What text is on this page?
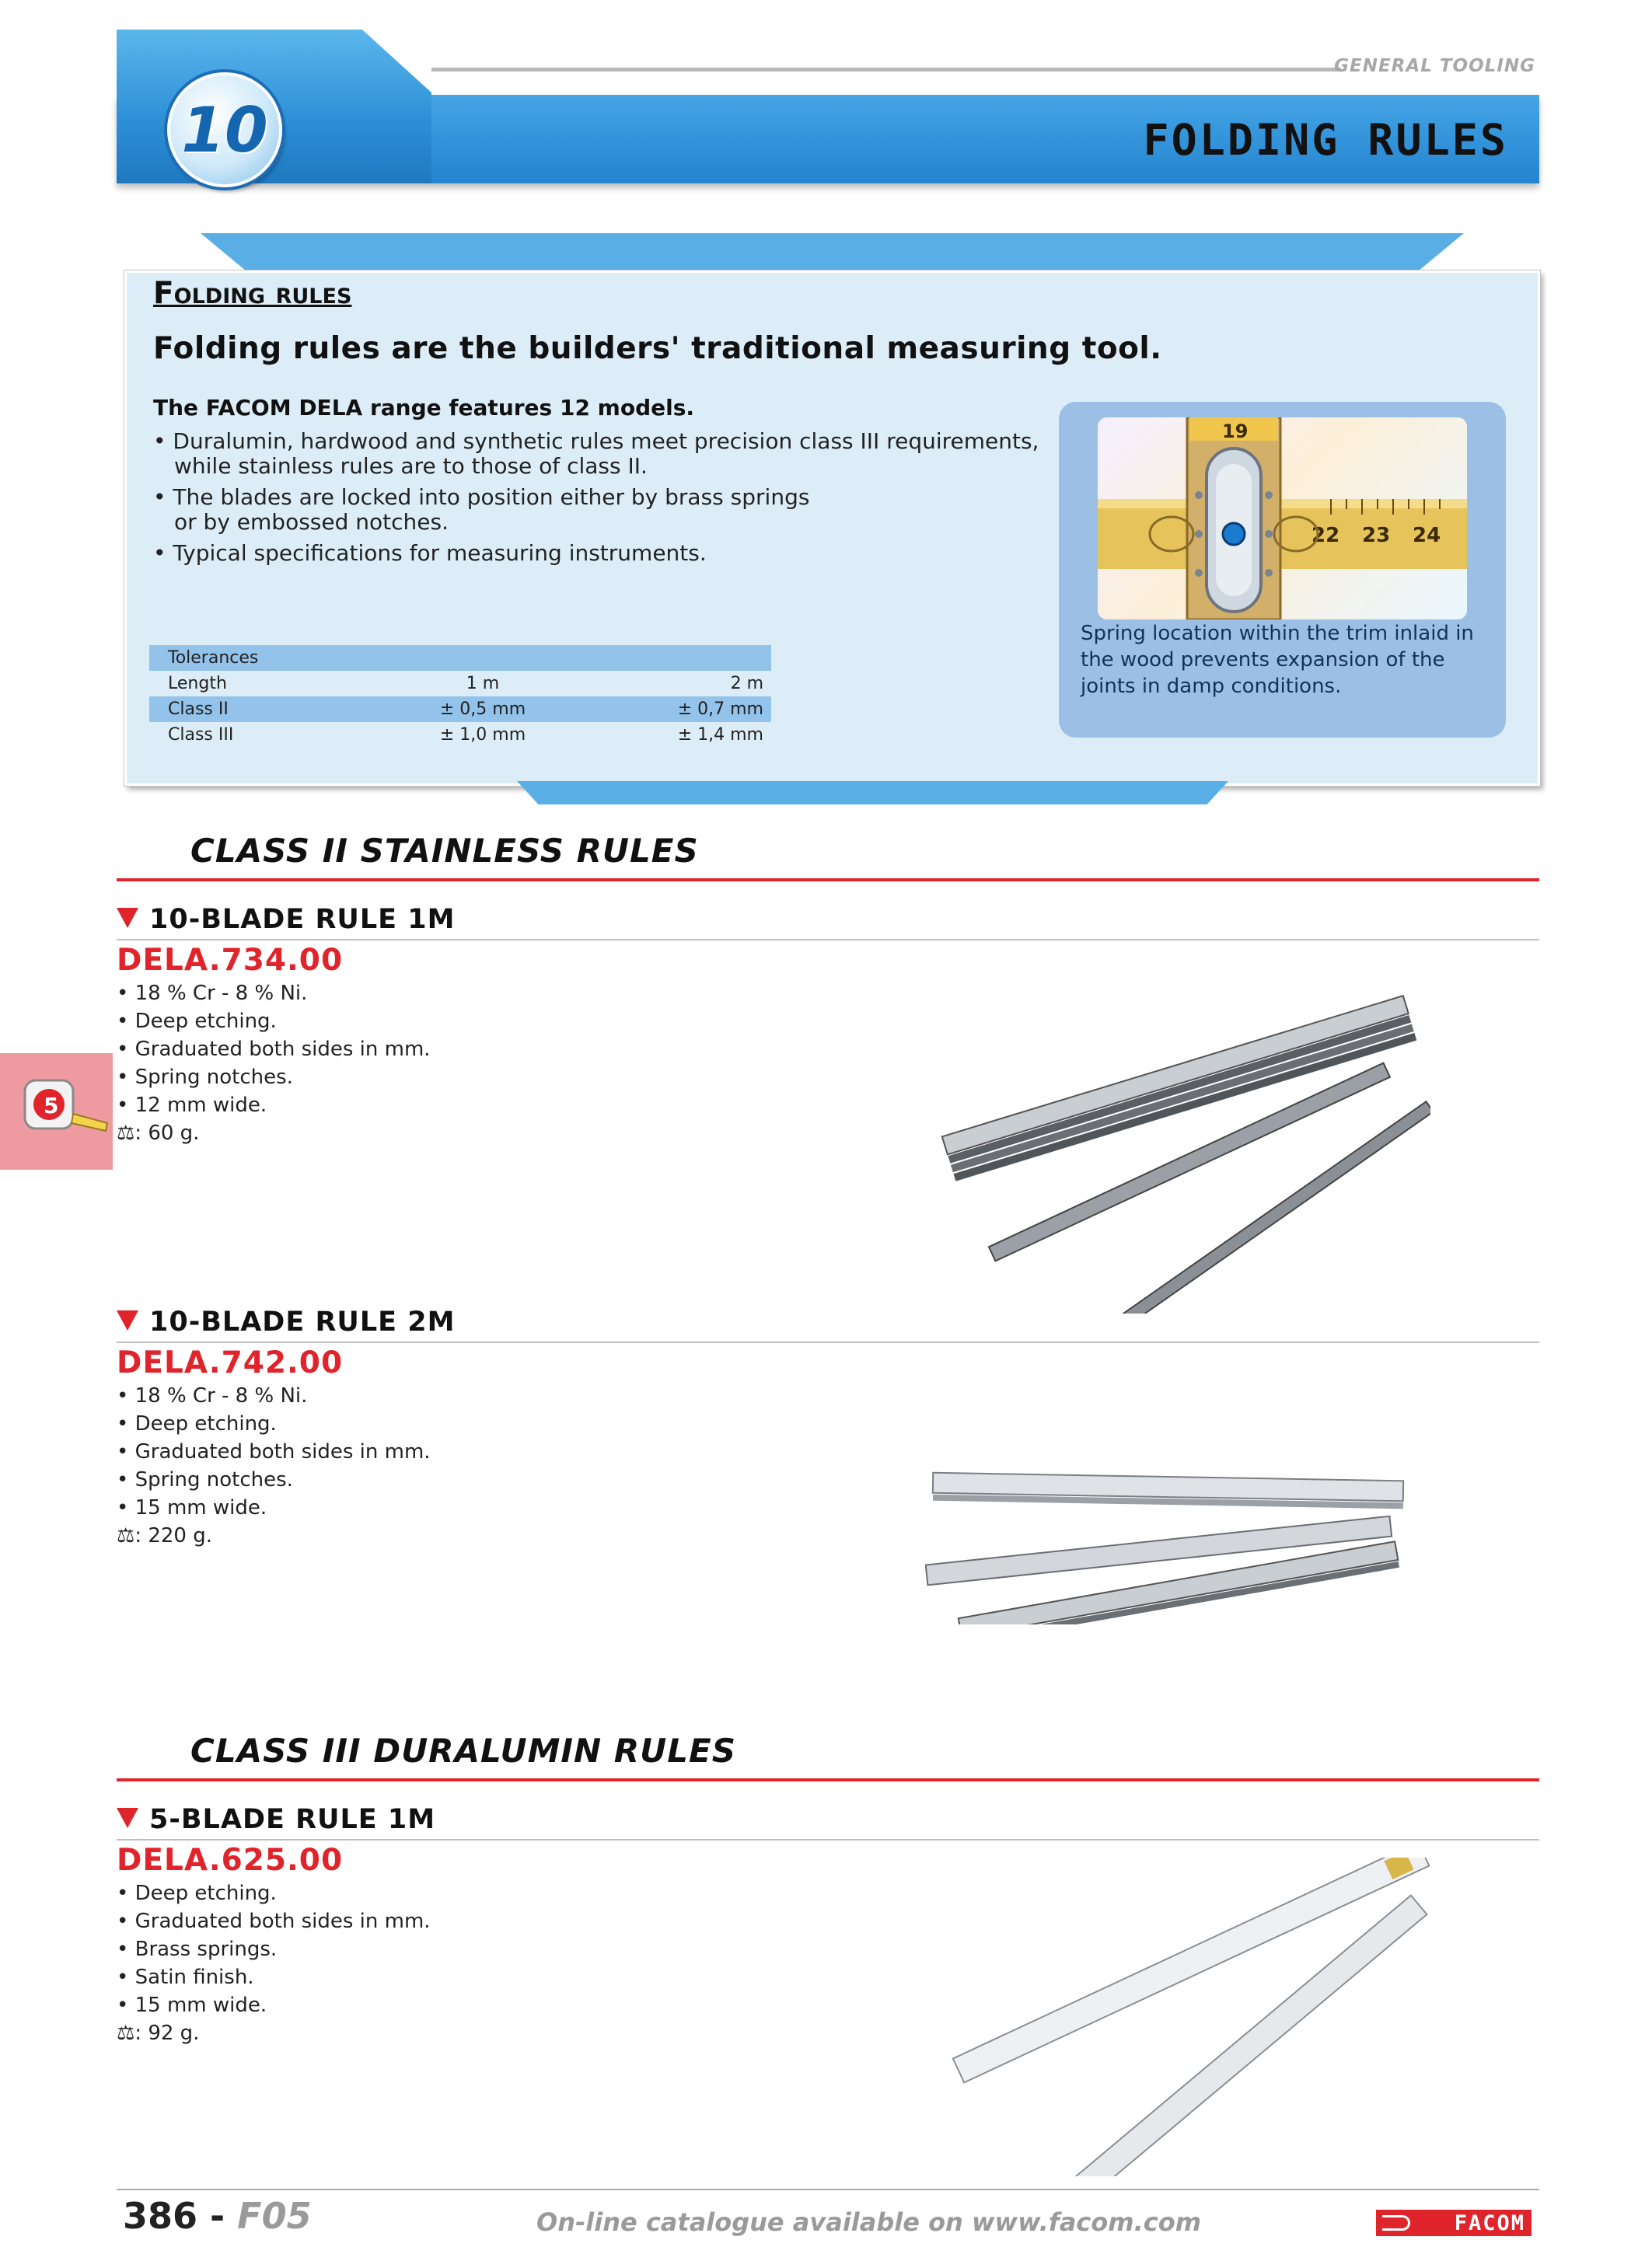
GENERAL TOOLING
FOLDING RULES
10
Folding rules
Folding rules are the builders' traditional measuring tool.
The FACOM DELA range features 12 models.
• Duralumin, hardwood and synthetic rules meet precision class III requirements, while stainless rules are to those of class II.
• The blades are locked into position either by brass springs or by embossed notches.
• Typical specifications for measuring instruments.
Tolerances		
Length	1 m	2 m
Class II	± 0,5 mm	± 0,7 mm
Class III	± 1,0 mm	± 1,4 mm
22 23 24
19
Spring location within the trim inlaid in the wood prevents expansion of the joints in damp conditions.
5
CLASS II STAINLESS RULES
10-BLADE RULE 1M
DELA.734.00
• 18 % Cr - 8 % Ni.
• Deep etching.
• Graduated both sides in mm.
• Spring notches.
• 12 mm wide.
⚖: 60 g.
10-BLADE RULE 2M
DELA.742.00
• 18 % Cr - 8 % Ni.
• Deep etching.
• Graduated both sides in mm.
• Spring notches.
• 15 mm wide.
⚖: 220 g.
CLASS III DURALUMIN RULES
5-BLADE RULE 1M
DELA.625.00
• Deep etching.
• Graduated both sides in mm.
• Brass springs.
• Satin finish.
• 15 mm wide.
⚖: 92 g.
386 - F05	On-line catalogue available on www.facom.com	FACOM
